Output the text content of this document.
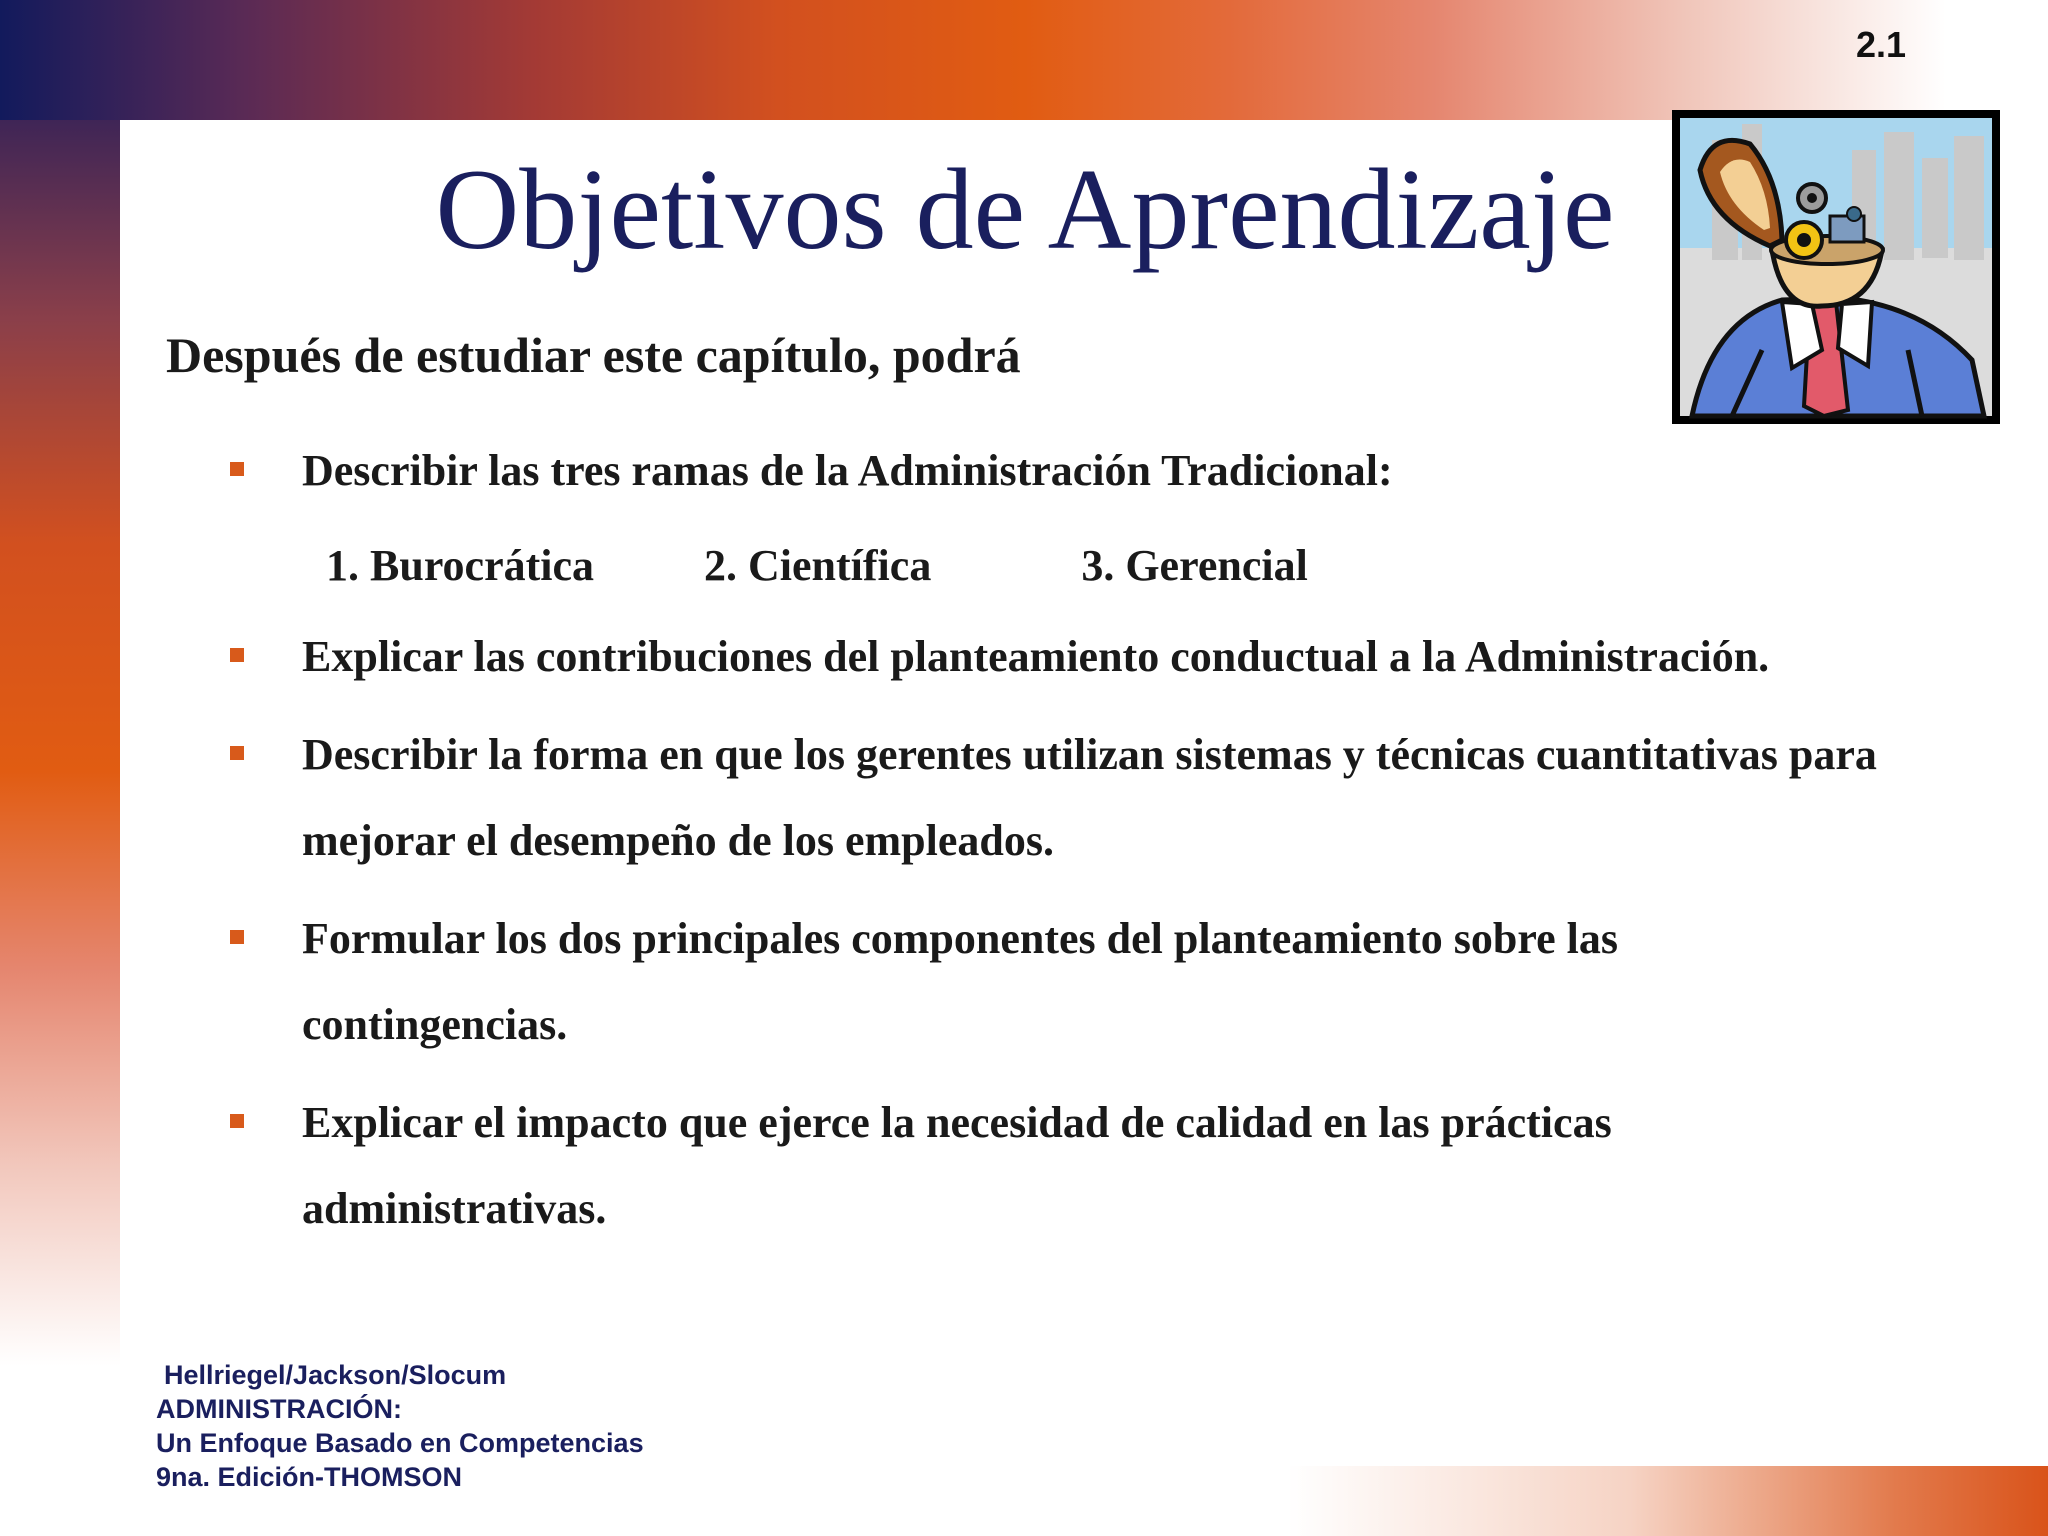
2.1
Objetivos de Aprendizaje
Después de estudiar este capítulo, podrá
Describir las tres ramas de la Administración Tradicional:
1. Burocrática	2. Científica	3. Gerencial
Explicar las contribuciones del planteamiento conductual a la Administración.
Describir la forma en que los gerentes utilizan sistemas y técnicas cuantitativas para mejorar el desempeño de los empleados.
Formular los dos principales componentes del planteamiento sobre las contingencias.
Explicar el impacto que ejerce la necesidad de calidad en las prácticas administrativas.
Hellriegel/Jackson/Slocum
ADMINISTRACIÓN:
Un Enfoque Basado en Competencias
9na. Edición-THOMSON
